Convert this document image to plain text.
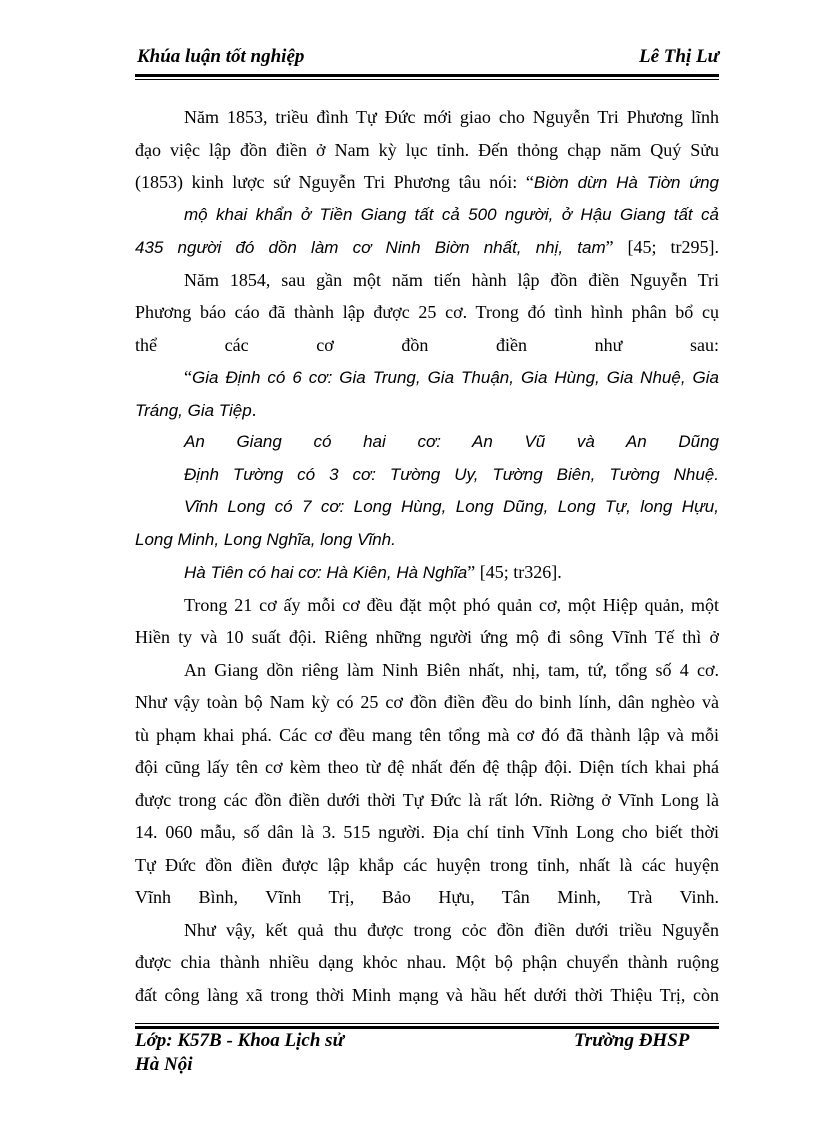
Khúa luận tốt nghiệp	Lê Thị Lư
Năm 1853, triều đình Tự Đức mới giao cho Nguyễn Tri Phương lĩnh
đạo việc lập đồn điền ở Nam kỳ lục tỉnh. Đến thỏng chạp năm Quý Sửu
(1853) kinh lược sứ Nguyễn Tri Phương tâu nói: “Biờn dừn Hà Tiờn ứng
mộ khai khẩn ở Tiền Giang tất cả 500 người, ở Hậu Giang tất cả
435 người đó dồn làm cơ Ninh Biờn nhất, nhị, tam” [45; tr295].
Năm 1854, sau gần một năm tiến hành lập đồn điền Nguyễn Tri
Phương báo cáo đã thành lập được 25 cơ. Trong đó tình hình phân bổ cụ
thể các cơ đồn điền như sau:
“Gia Định có 6 cơ: Gia Trung, Gia Thuận, Gia Hùng, Gia Nhuệ, Gia
Tráng, Gia Tiệp.
An Giang có hai cơ: An Vũ và An Dũng
Định Tường có 3 cơ: Tường Uy, Tường Biên, Tường Nhuệ.
Vĩnh Long có 7 cơ: Long Hùng, Long Dũng, Long Tự, long Hựu,
Long Minh, Long Nghĩa, long Vĩnh.
Hà Tiên có hai cơ: Hà Kiên, Hà Nghĩa” [45; tr326].
Trong 21 cơ ấy mỗi cơ đều đặt một phó quản cơ, một Hiệp quản, một
Hiền ty và 10 suất đội. Riêng những người ứng mộ đi sông Vĩnh Tế thì ở
An Giang dồn riêng làm Ninh Biên nhất, nhị, tam, tứ, tổng số 4 cơ.
Như vậy toàn bộ Nam kỳ có 25 cơ đồn điền đều do binh lính, dân nghèo và
tù phạm khai phá. Các cơ đều mang tên tổng mà cơ đó đã thành lập và mỗi
đội cũng lấy tên cơ kèm theo từ đệ nhất đến đệ thập đội. Diện tích khai phá
được trong các đồn điền dưới thời Tự Đức là rất lớn. Riờng ở Vĩnh Long là
14. 060 mẫu, số dân là 3. 515 người. Địa chí tỉnh Vĩnh Long cho biết thời
Tự Đức đồn điền được lập khắp các huyện trong tỉnh, nhất là các huyện
Vĩnh Bình, Vĩnh Trị, Bảo Hựu, Tân Minh, Trà Vinh.
Như vậy, kết quả thu được trong cỏc đồn điền dưới triều Nguyễn
được chia thành nhiều dạng khỏc nhau. Một bộ phận chuyển thành ruộng
đất công làng xã trong thời Minh mạng và hầu hết dưới thời Thiệu Trị, còn
Lớp: K57B - Khoa Lịch sử	Trường ĐHSP
Hà Nội
